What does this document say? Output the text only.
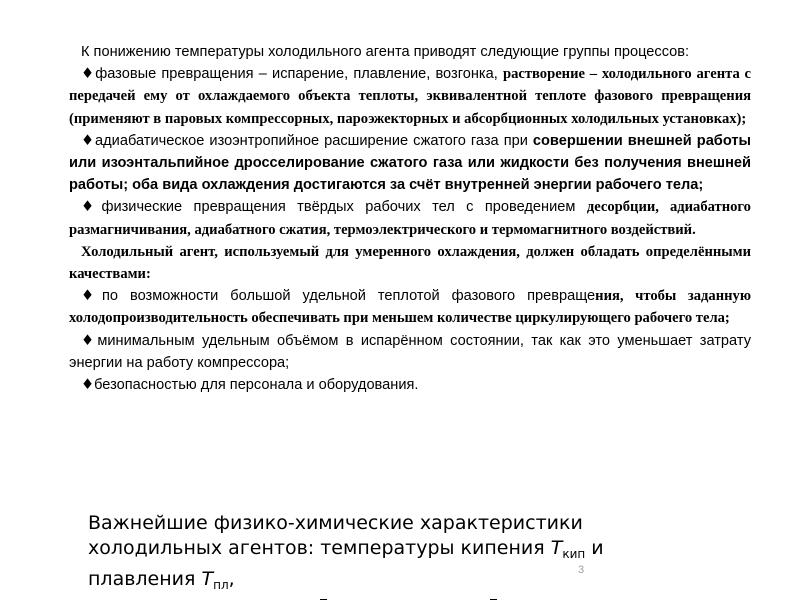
К понижению температуры холодильного агента приводят следующие группы процессов:

♦фазовые превращения – испарение, плавление, возгонка, растворение – холодильного агента с передачей ему от охлаждаемого объекта теплоты, эквивалентной теплоте фазового превращения (применяют в паровых компрессорных, пароэжекторных и абсорбционных холодильных установках);

♦адиабатическое изоэнтропийное расширение сжатого газа при совершении внешней работы или изоэнтальпийное дросселирование сжатого газа или жидкости без получения внешней работы; оба вида охлаждения достигаются за счёт внутренней энергии рабочего тела;

♦физические превращения твёрдых рабочих тел с проведением десорбции, адиабатного размагничивания, адиабатного сжатия, термоэлектрического и термомагнитного воздействий.

Холодильный агент, используемый для умеренного охлаждения, должен обладать определёнными качествами:

♦по возможности большой удельной теплотой фазового превращения, чтобы заданную холодопроизводительность обеспечивать при меньшем количестве циркулирующего рабочего тела;

♦минимальным удельным объёмом в испарённом состоянии, так как это уменьшает затрату энергии на работу компрессора;

♦безопасностью для персонала и оборудования.

Важнейшие физико-химические характеристики
холодильных агентов: температуры кипения $T_{кип}$ и
плавления $T_{пл}$,	3
